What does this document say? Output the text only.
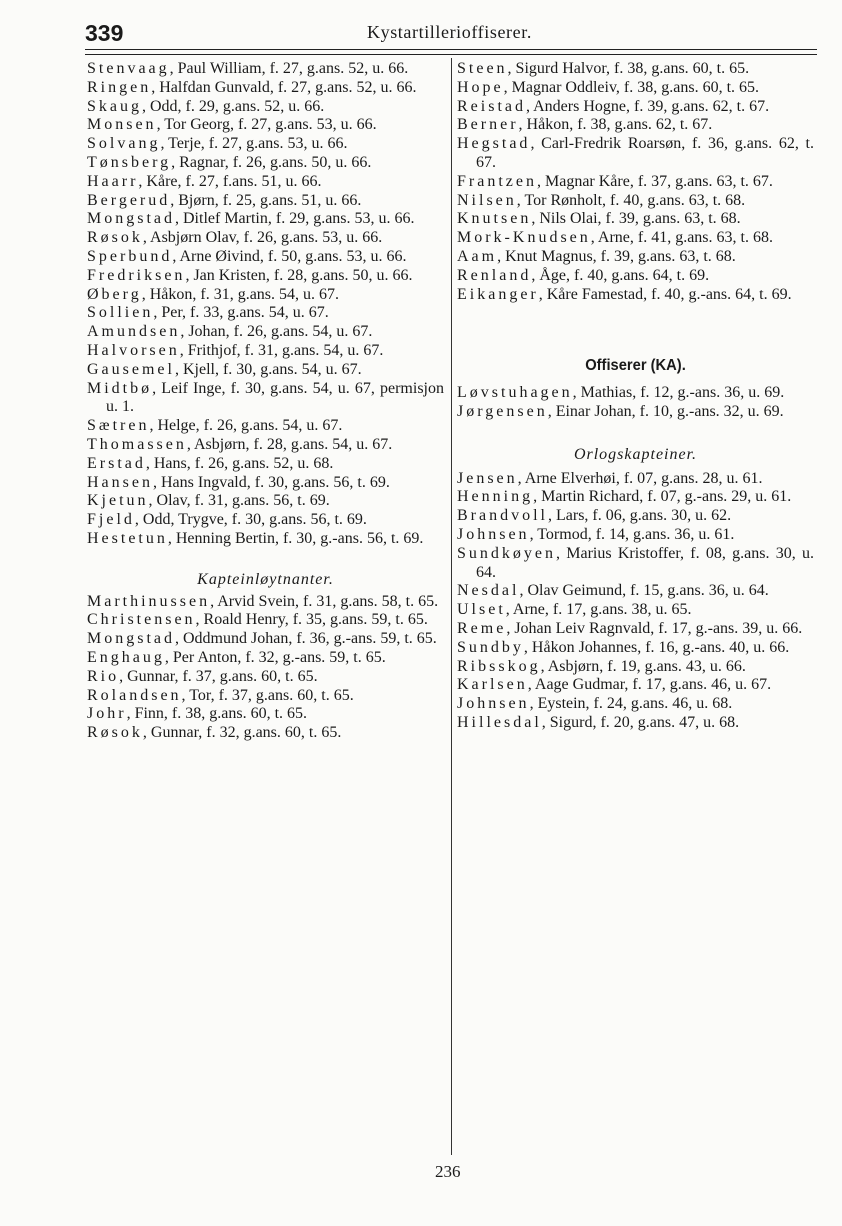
339	Kystartillerioffiserer.

Stenvaag, Paul William, f. 27, g.ans. 52, u. 66.

Ringen, Halfdan Gunvald, f. 27, g.ans. 52, u. 66.

Skaug, Odd, f. 29, g.ans. 52, u. 66.

Monsen, Tor Georg, f. 27, g.ans. 53, u. 66.

Solvang, Terje, f. 27, g.ans. 53, u. 66.

Tønsberg, Ragnar, f. 26, g.ans. 50, u. 66.

Haarr, Kåre, f. 27, f.ans. 51, u. 66.

Bergerud, Bjørn, f. 25, g.ans. 51, u. 66.

Mongstad, Ditlef Martin, f. 29, g.ans. 53, u. 66.

Røsok, Asbjørn Olav, f. 26, g.ans. 53, u. 66.

Sperbund, Arne Øivind, f. 50, g.ans. 53, u. 66.

Fredriksen, Jan Kristen, f. 28, g.ans. 50, u. 66.

Øberg, Håkon, f. 31, g.ans. 54, u. 67.

Sollien, Per, f. 33, g.ans. 54, u. 67.

Amundsen, Johan, f. 26, g.ans. 54, u. 67.

Halvorsen, Frithjof, f. 31, g.ans. 54, u. 67.

Gausemel, Kjell, f. 30, g.ans. 54, u. 67.

Midtbø, Leif Inge, f. 30, g.ans. 54, u. 67, permisjon u. 1.

Sætren, Helge, f. 26, g.ans. 54, u. 67.

Thomassen, Asbjørn, f. 28, g.ans. 54, u. 67.

Erstad, Hans, f. 26, g.ans. 52, u. 68.

Hansen, Hans Ingvald, f. 30, g.ans. 56, t. 69.

Kjetun, Olav, f. 31, g.ans. 56, t. 69.

Fjeld, Odd, Trygve, f. 30, g.ans. 56, t. 69.

Hestetun, Henning Bertin, f. 30, g.-ans. 56, t. 69.

Kapteinløytnanter.

Marthinussen, Arvid Svein, f. 31, g.ans. 58, t. 65.

Christensen, Roald Henry, f. 35, g.ans. 59, t. 65.

Mongstad, Oddmund Johan, f. 36, g.-ans. 59, t. 65.

Enghaug, Per Anton, f. 32, g.-ans. 59, t. 65.

Rio, Gunnar, f. 37, g.ans. 60, t. 65.

Rolandsen, Tor, f. 37, g.ans. 60, t. 65.

Johr, Finn, f. 38, g.ans. 60, t. 65.

Røsok, Gunnar, f. 32, g.ans. 60, t. 65.

Steen, Sigurd Halvor, f. 38, g.ans. 60, t. 65.

Hope, Magnar Oddleiv, f. 38, g.ans. 60, t. 65.

Reistad, Anders Hogne, f. 39, g.ans. 62, t. 67.

Berner, Håkon, f. 38, g.ans. 62, t. 67.

Hegstad, Carl-Fredrik Roarsøn, f. 36, g.ans. 62, t. 67.

Frantzen, Magnar Kåre, f. 37, g.ans. 63, t. 67.

Nilsen, Tor Rønholt, f. 40, g.ans. 63, t. 68.

Knutsen, Nils Olai, f. 39, g.ans. 63, t. 68.

Mork-Knudsen, Arne, f. 41, g.ans. 63, t. 68.

Aam, Knut Magnus, f. 39, g.ans. 63, t. 68.

Renland, Åge, f. 40, g.ans. 64, t. 69.

Eikanger, Kåre Famestad, f. 40, g.-ans. 64, t. 69.

Offiserer (KA).

Løvstuhagen, Mathias, f. 12, g.-ans. 36, u. 69.

Jørgensen, Einar Johan, f. 10, g.-ans. 32, u. 69.

Orlogskapteiner.

Jensen, Arne Elverhøi, f. 07, g.ans. 28, u. 61.

Henning, Martin Richard, f. 07, g.-ans. 29, u. 61.

Brandvoll, Lars, f. 06, g.ans. 30, u. 62.

Johnsen, Tormod, f. 14, g.ans. 36, u. 61.

Sundkøyen, Marius Kristoffer, f. 08, g.ans. 30, u. 64.

Nesdal, Olav Geimund, f. 15, g.ans. 36, u. 64.

Ulset, Arne, f. 17, g.ans. 38, u. 65.

Reme, Johan Leiv Ragnvald, f. 17, g.-ans. 39, u. 66.

Sundby, Håkon Johannes, f. 16, g.-ans. 40, u. 66.

Ribsskog, Asbjørn, f. 19, g.ans. 43, u. 66.

Karlsen, Aage Gudmar, f. 17, g.ans. 46, u. 67.

Johnsen, Eystein, f. 24, g.ans. 46, u. 68.

Hillesdal, Sigurd, f. 20, g.ans. 47, u. 68.

236
